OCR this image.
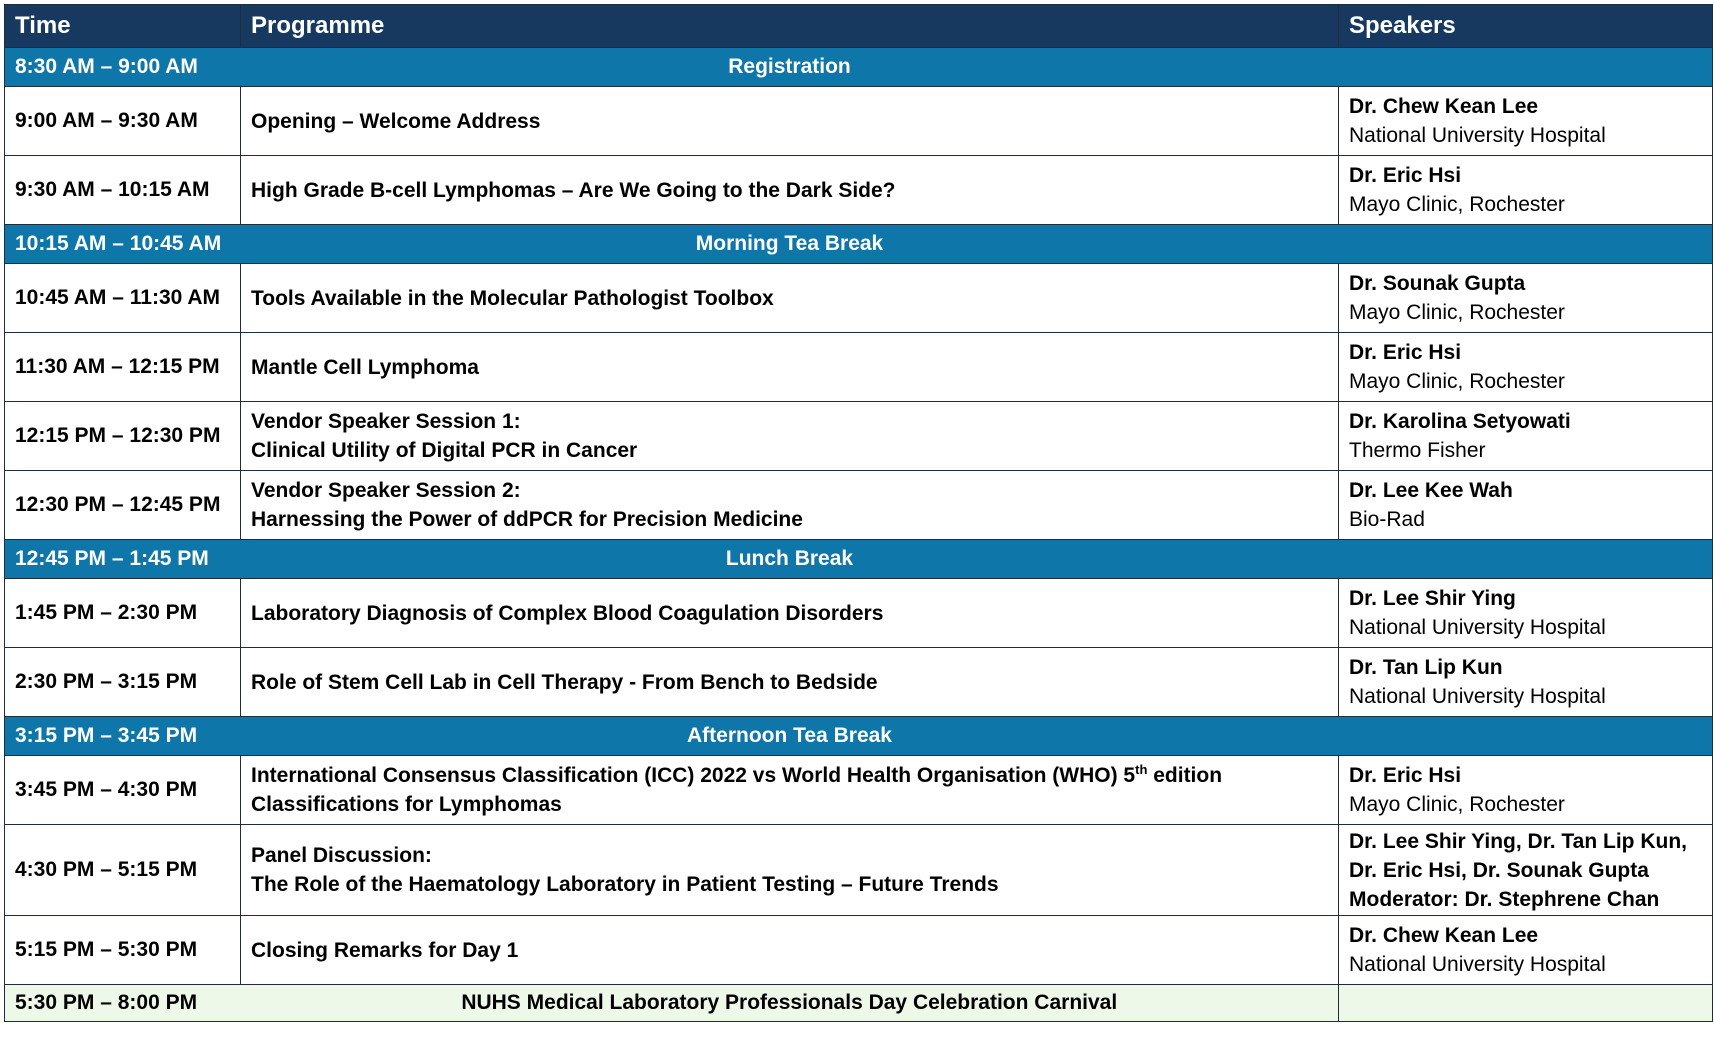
Time	Programme	Speakers
8:30 AM – 9:00 AM	Registration	
9:00 AM – 9:30 AM	Opening – Welcome Address	Dr. Chew Kean Lee
National University Hospital

9:30 AM – 10:15 AM	High Grade B-cell Lymphomas – Are We Going to the Dark Side?	Dr. Eric Hsi
Mayo Clinic, Rochester

10:15 AM – 10:45 AM	Morning Tea Break	
10:45 AM – 11:30 AM	Tools Available in the Molecular Pathologist Toolbox	Dr. Sounak Gupta
Mayo Clinic, Rochester

11:30 AM – 12:15 PM	Mantle Cell Lymphoma	Dr. Eric Hsi
Mayo Clinic, Rochester

12:15 PM – 12:30 PM	Vendor Speaker Session 1:
Clinical Utility of Digital PCR in Cancer	Dr. Karolina Setyowati
Thermo Fisher

12:30 PM – 12:45 PM	Vendor Speaker Session 2:
Harnessing the Power of ddPCR for Precision Medicine	Dr. Lee Kee Wah
Bio-Rad

12:45 PM – 1:45 PM	Lunch Break	
1:45 PM – 2:30 PM	Laboratory Diagnosis of Complex Blood Coagulation Disorders	Dr. Lee Shir Ying
National University Hospital

2:30 PM – 3:15 PM	Role of Stem Cell Lab in Cell Therapy - From Bench to Bedside	Dr. Tan Lip Kun
National University Hospital

3:15 PM – 3:45 PM	Afternoon Tea Break	
3:45 PM – 4:30 PM	International Consensus Classification (ICC) 2022 vs World Health Organisation (WHO) 5th edition
Classifications for Lymphomas	Dr. Eric Hsi
Mayo Clinic, Rochester

4:30 PM – 5:15 PM	Panel Discussion:
The Role of the Haematology Laboratory in Patient Testing – Future Trends	Dr. Lee Shir Ying, Dr. Tan Lip Kun,
Dr. Eric Hsi, Dr. Sounak Gupta
Moderator: Dr. Stephrene Chan

5:15 PM – 5:30 PM	Closing Remarks for Day 1	Dr. Chew Kean Lee
National University Hospital

5:30 PM – 8:00 PM	NUHS Medical Laboratory Professionals Day Celebration Carnival	
